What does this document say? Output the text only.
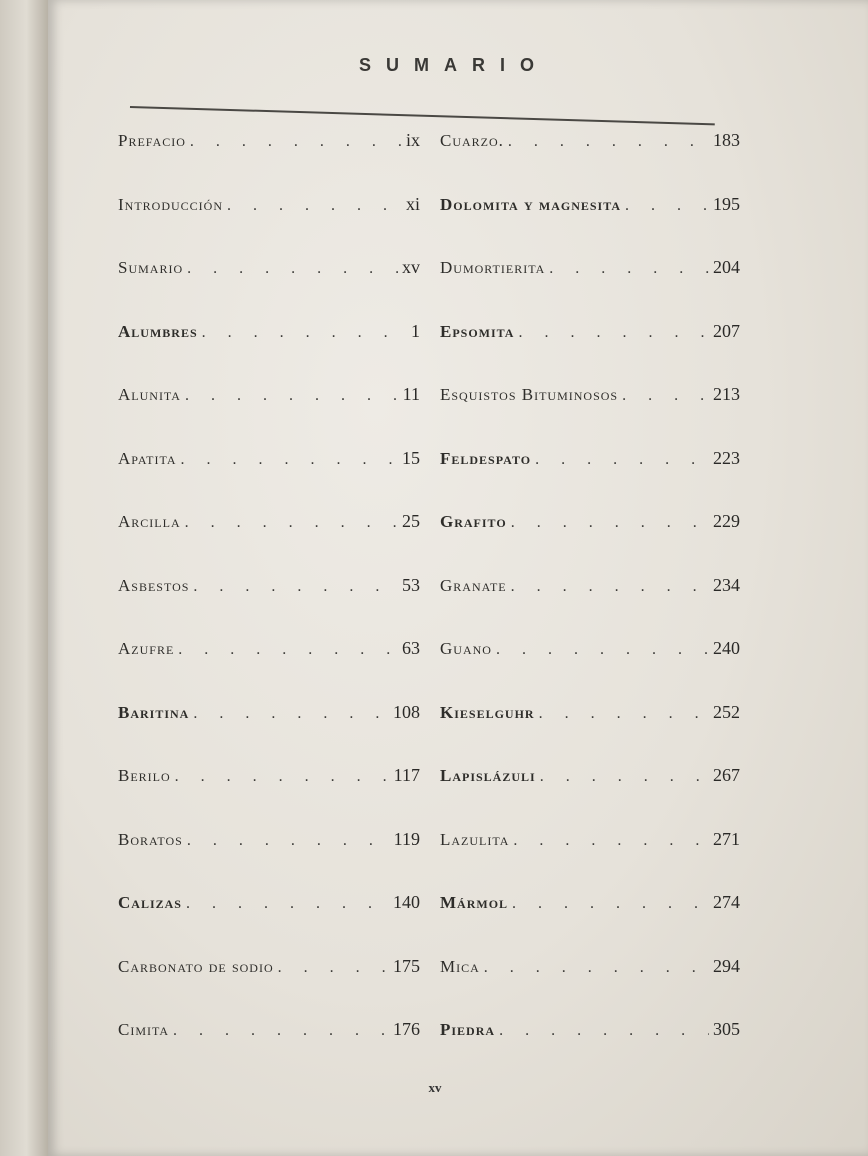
SUMARIO
Prefacio . . .	ix
Introducción . . .	xi
Sumario . . .	xv
Alumbres . . .	1
Alunita . . .	11
Apatita . . .	15
Arcilla . . .	25
Asbestos . . .	53
Azufre . . .	63
Baritina . . .	108
Berilo . . .	117
Boratos . . .	119
Calizas . . .	140
Carbonato de sodio . . .	175
Cimita . . .	176
Cuarzo. . . .	183
Dolomita y magnesita . . .	195
Dumortierita . . .	204
Epsomita . . .	207
Esquistos Bituminosos . . .	213
Feldespato . . .	223
Grafito . . .	229
Granate . . .	234
Guano . . .	240
Kieselguhr . . .	252
Lapislázuli . . .	267
Lazulita . . .	271
Mármol . . .	274
Mica . . .	294
Piedra . . .	305
xv
